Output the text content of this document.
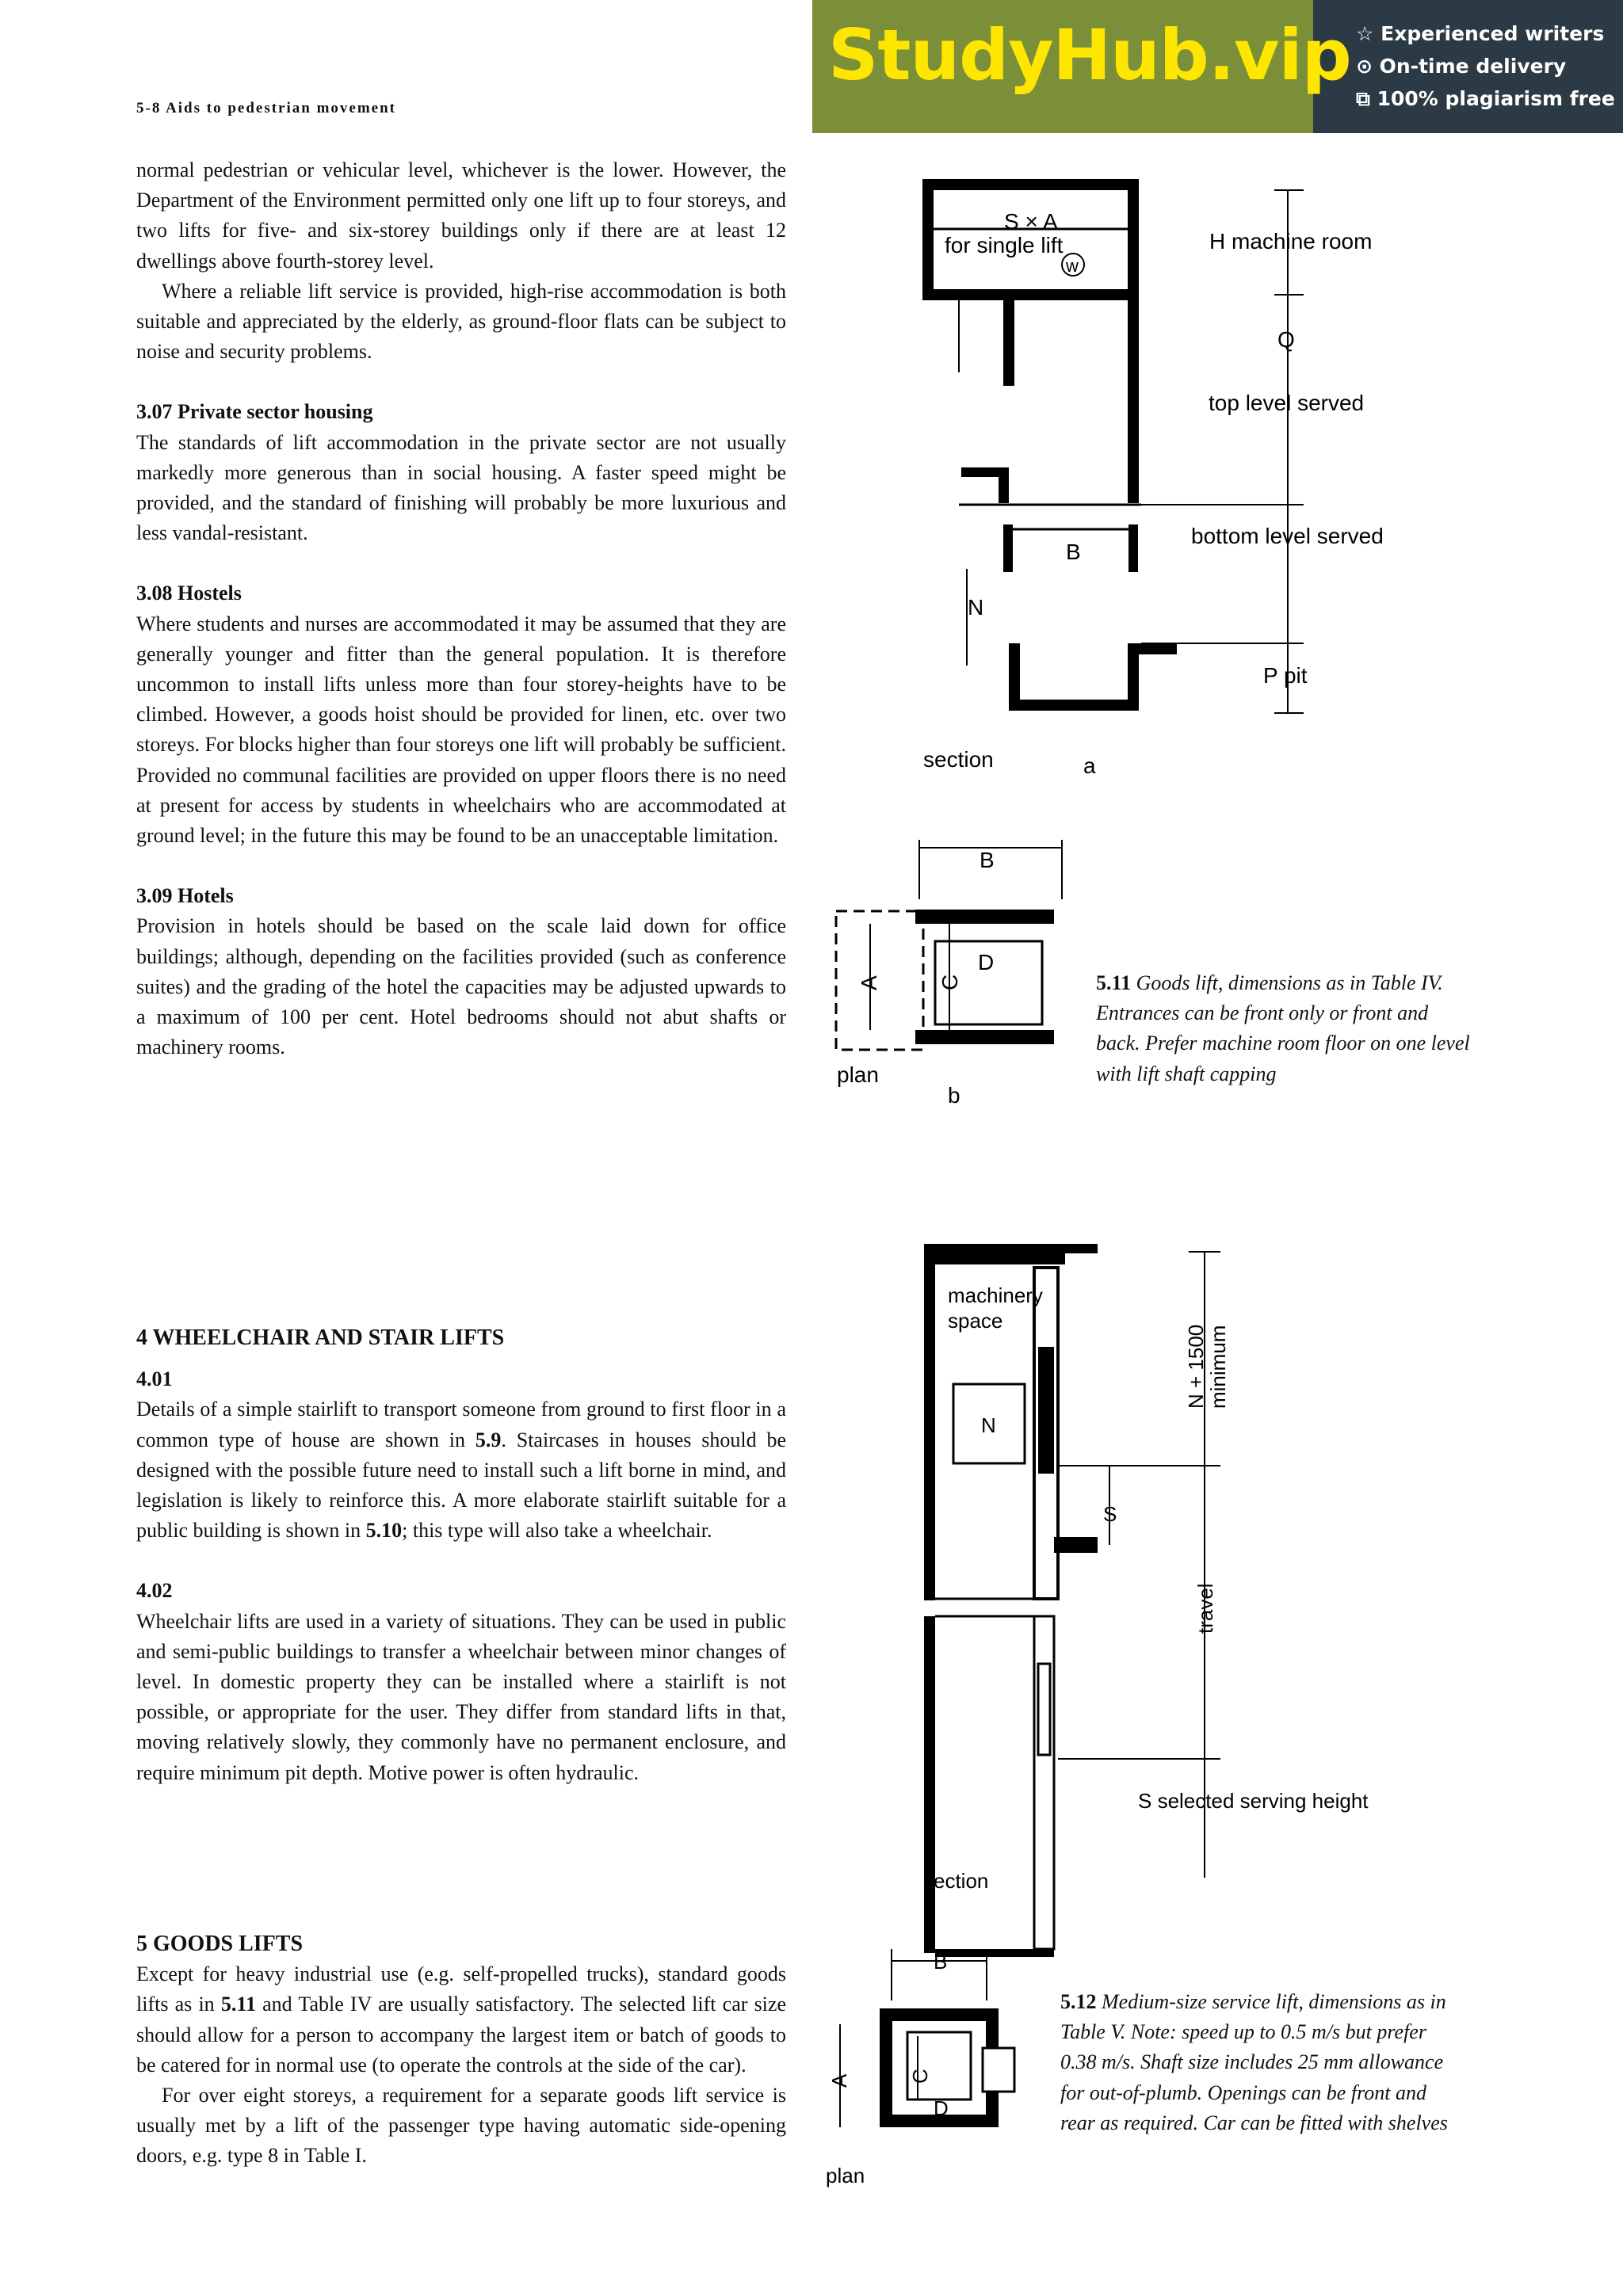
5-8 Aids to pedestrian movement
StudyHub.vip ☆ Experienced writers
⊙ On-time delivery
⧉ 100% plagiarism free

normal pedestrian or vehicular level, whichever is the lower. However, the Department of the Environment permitted only one lift up to four storeys, and two lifts for five- and six-storey buildings only if there are at least 12 dwellings above fourth-storey level.

Where a reliable lift service is provided, high-rise accommodation is both suitable and appreciated by the elderly, as ground-floor flats can be subject to noise and security problems.

3.07 Private sector housing

The standards of lift accommodation in the private sector are not usually markedly more generous than in social housing. A faster speed might be provided, and the standard of finishing will probably be more luxurious and less vandal-resistant.

3.08 Hostels

Where students and nurses are accommodated it may be assumed that they are generally younger and fitter than the general population. It is therefore uncommon to install lifts unless more than four storey-heights have to be climbed. However, a goods hoist should be provided for linen, etc. over two storeys. For blocks higher than four storeys one lift will probably be sufficient. Provided no communal facilities are provided on upper floors there is no need at present for access by students in wheelchairs who are accommodated at ground level; in the future this may be found to be an unacceptable limitation.

3.09 Hotels

Provision in hotels should be based on the scale laid down for office buildings; although, depending on the facilities provided (such as conference suites) and the grading of the hotel the capacities may be adjusted upwards to a maximum of 100 per cent. Hotel bedrooms should not abut shafts or machinery rooms.

4 WHEELCHAIR AND STAIR LIFTS

4.01

Details of a simple stairlift to transport someone from ground to first floor in a common type of house are shown in 5.9. Staircases in houses should be designed with the possible future need to install such a lift borne in mind, and legislation is likely to reinforce this. A more elaborate stairlift suitable for a public building is shown in 5.10; this type will also take a wheelchair.

4.02

Wheelchair lifts are used in a variety of situations. They can be used in public and semi-public buildings to transfer a wheelchair between minor changes of level. In domestic property they can be installed where a stairlift is not possible, or appropriate for the user. They differ from standard lifts in that, moving relatively slowly, they commonly have no permanent enclosure, and require minimum pit depth. Motive power is often hydraulic.

5 GOODS LIFTS

Except for heavy industrial use (e.g. self-propelled trucks), standard goods lifts as in 5.11 and Table IV are usually satisfactory. The selected lift car size should allow for a person to accompany the largest item or batch of goods to be catered for in normal use (to operate the controls at the side of the car).

For over eight storeys, a requirement for a separate goods lift service is usually met by a lift of the passenger type having automatic side-opening doors, e.g. type 8 in Table I.

S × A
for single lift
w
H machine room
Q
top level served
B
bottom level served
N
P pit
section	a
B
D
A	C
plan
b
5.11 Goods lift, dimensions as in Table IV. Entrances can be front only or front and back. Prefer machine room floor on one level with lift shaft capping
machinery
space
N
N + 1500
minimum
S
travel
S selected serving height
section
B
A	C
D
plan
5.12 Medium-size service lift, dimensions as in Table V. Note: speed up to 0.5 m/s but prefer 0.38 m/s. Shaft size includes 25 mm allowance for out-of-plumb. Openings can be front and rear as required. Car can be fitted with shelves
